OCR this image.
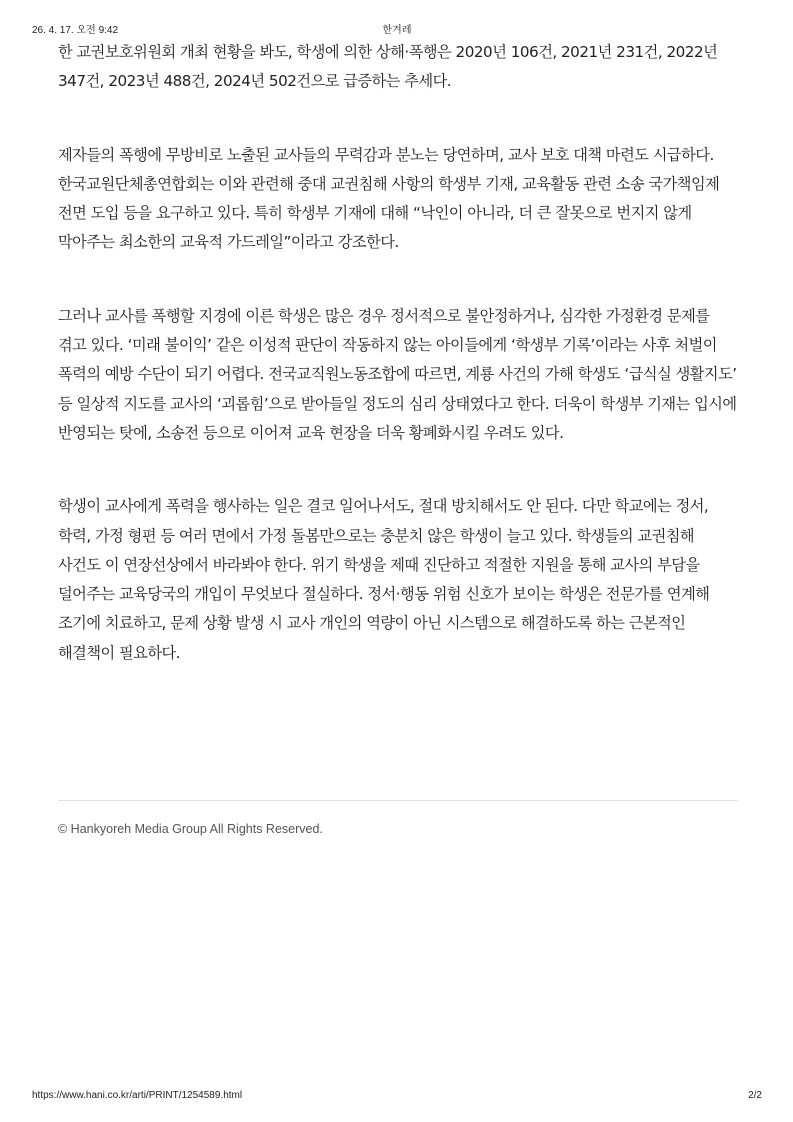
26. 4. 17. 오전 9:42	한겨레

한 교권보호위원회 개최 현황을 봐도, 학생에 의한 상해·폭행은 2020년 106건, 2021년 231건, 2022년 347건, 2023년 488건, 2024년 502건으로 급증하는 추세다.

제자들의 폭행에 무방비로 노출된 교사들의 무력감과 분노는 당연하며, 교사 보호 대책 마련도 시급하다. 한국교원단체총연합회는 이와 관련해 중대 교권침해 사항의 학생부 기재, 교육활동 관련 소송 국가책임제 전면 도입 등을 요구하고 있다. 특히 학생부 기재에 대해 “낙인이 아니라, 더 큰 잘못으로 번지지 않게 막아주는 최소한의 교육적 가드레일”이라고 강조한다.

그러나 교사를 폭행할 지경에 이른 학생은 많은 경우 정서적으로 불안정하거나, 심각한 가정환경 문제를 겪고 있다. ‘미래 불이익’ 같은 이성적 판단이 작동하지 않는 아이들에게 ‘학생부 기록’이라는 사후 처벌이 폭력의 예방 수단이 되기 어렵다. 전국교직원노동조합에 따르면, 계룡 사건의 가해 학생도 ‘급식실 생활지도’ 등 일상적 지도를 교사의 ‘괴롭힘’으로 받아들일 정도의 심리 상태였다고 한다. 더욱이 학생부 기재는 입시에 반영되는 탓에, 소송전 등으로 이어져 교육 현장을 더욱 황폐화시킬 우려도 있다.

학생이 교사에게 폭력을 행사하는 일은 결코 일어나서도, 절대 방치해서도 안 된다. 다만 학교에는 정서, 학력, 가정 형편 등 여러 면에서 가정 돌봄만으로는 충분치 않은 학생이 늘고 있다. 학생들의 교권침해 사건도 이 연장선상에서 바라봐야 한다. 위기 학생을 제때 진단하고 적절한 지원을 통해 교사의 부담을 덜어주는 교육당국의 개입이 무엇보다 절실하다. 정서·행동 위험 신호가 보이는 학생은 전문가를 연계해 조기에 치료하고, 문제 상황 발생 시 교사 개인의 역량이 아닌 시스템으로 해결하도록 하는 근본적인 해결책이 필요하다.

© Hankyoreh Media Group All Rights Reserved.
https://www.hani.co.kr/arti/PRINT/1254589.html	2/2
